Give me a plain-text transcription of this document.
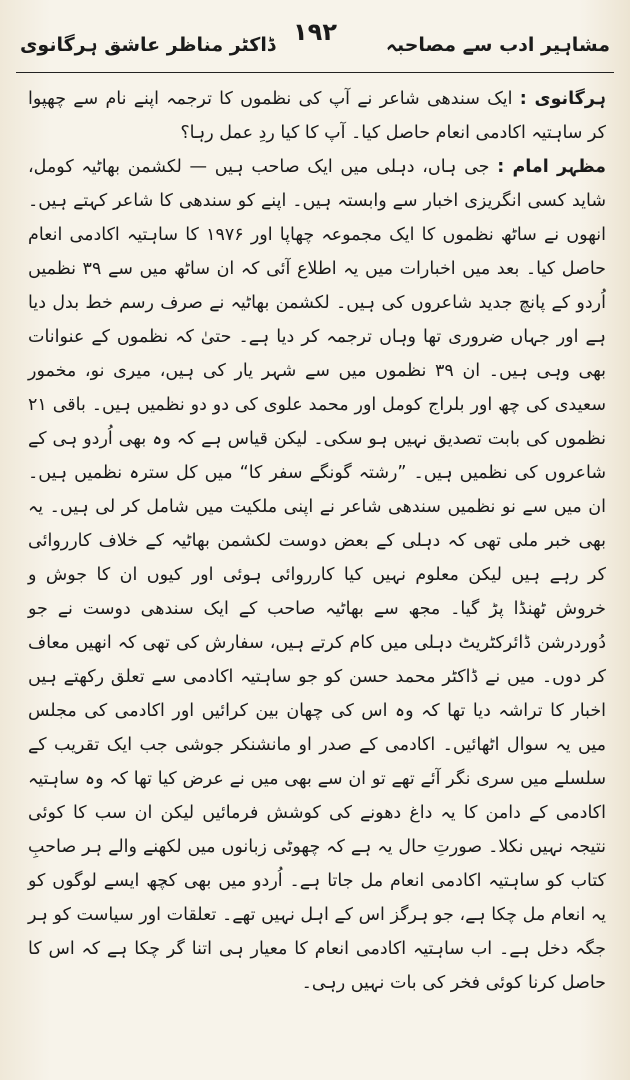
مشاہیر ادب سے مصاحبہ
۱۹۲
ڈاکٹر مناظر عاشق ہرگانوی

ہرگانوی : ایک سندھی شاعر نے آپ کی نظموں کا ترجمہ اپنے نام سے چھپوا کر ساہتیہ اکادمی انعام حاصل کیا۔ آپ کا کیا ردِ عمل رہا؟

مظہر امام : جی ہاں، دہلی میں ایک صاحب ہیں — لکشمن بھاٹیہ کومل، شاید کسی انگریزی اخبار سے وابستہ ہیں۔ اپنے کو سندھی کا شاعر کہتے ہیں۔ انھوں نے ساٹھ نظموں کا ایک مجموعہ چھاپا اور ۱۹۷۶ کا ساہتیہ اکادمی انعام حاصل کیا۔ بعد میں اخبارات میں یہ اطلاع آئی کہ ان ساٹھ میں سے ۳۹ نظمیں اُردو کے پانچ جدید شاعروں کی ہیں۔ لکشمن بھاٹیہ نے صرف رسم خط بدل دیا ہے اور جہاں ضروری تھا وہاں ترجمہ کر دیا ہے۔ حتیٰ کہ نظموں کے عنوانات بھی وہی ہیں۔ ان ۳۹ نظموں میں سے شہر یار کی ہیں، میری نو، مخمور سعیدی کی چھ اور بلراج کومل اور محمد علوی کی دو دو نظمیں ہیں۔ باقی ۲۱ نظموں کی بابت تصدیق نہیں ہو سکی۔ لیکن قیاس ہے کہ وہ بھی اُردو ہی کے شاعروں کی نظمیں ہیں۔ ”رشتہ گونگے سفر کا“ میں کل سترہ نظمیں ہیں۔ ان میں سے نو نظمیں سندھی شاعر نے اپنی ملکیت میں شامل کر لی ہیں۔ یہ بھی خبر ملی تھی کہ دہلی کے بعض دوست لکشمن بھاٹیہ کے خلاف کارروائی کر رہے ہیں لیکن معلوم نہیں کیا کارروائی ہوئی اور کیوں ان کا جوش و خروش ٹھنڈا پڑ گیا۔ مجھ سے بھاٹیہ صاحب کے ایک سندھی دوست نے جو دُوردرشن ڈائرکٹریٹ دہلی میں کام کرتے ہیں، سفارش کی تھی کہ انھیں معاف کر دوں۔ میں نے ڈاکٹر محمد حسن کو جو ساہتیہ اکادمی سے تعلق رکھتے ہیں اخبار کا تراشہ دیا تھا کہ وہ اس کی چھان بین کرائیں اور اکادمی کی مجلس میں یہ سوال اٹھائیں۔ اکادمی کے صدر او مانشنکر جوشی جب ایک تقریب کے سلسلے میں سری نگر آئے تھے تو ان سے بھی میں نے عرض کیا تھا کہ وہ ساہتیہ اکادمی کے دامن کا یہ داغ دھونے کی کوشش فرمائیں لیکن ان سب کا کوئی نتیجہ نہیں نکلا۔ صورتِ حال یہ ہے کہ چھوٹی زبانوں میں لکھنے والے ہر صاحبِ کتاب کو ساہتیہ اکادمی انعام مل جاتا ہے۔ اُردو میں بھی کچھ ایسے لوگوں کو یہ انعام مل چکا ہے، جو ہرگز اس کے اہل نہیں تھے۔ تعلقات اور سیاست کو ہر جگہ دخل ہے۔ اب ساہتیہ اکادمی انعام کا معیار ہی اتنا گر چکا ہے کہ اس کا حاصل کرنا کوئی فخر کی بات نہیں رہی۔
